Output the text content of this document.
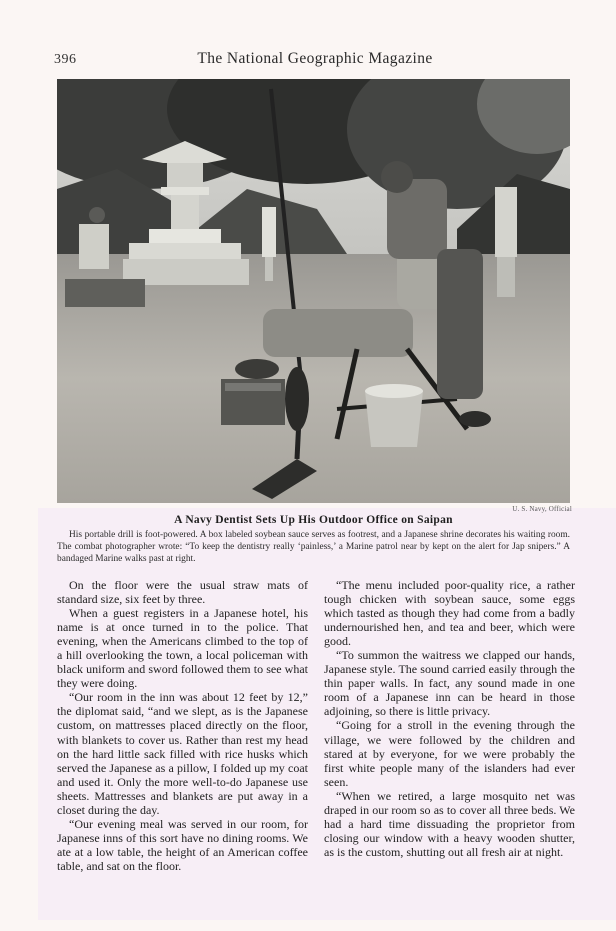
396	The National Geographic Magazine
U. S. Navy, Official
A Navy Dentist Sets Up His Outdoor Office on Saipan
His portable drill is foot-powered. A box labeled soybean sauce serves as footrest, and a Japanese shrine decorates his waiting room. The combat photographer wrote: “To keep the dentistry really ‘painless,’ a Marine patrol near by kept on the alert for Jap snipers.” A bandaged Marine walks past at right.

On the floor were the usual straw mats of standard size, six feet by three.

When a guest registers in a Japanese hotel, his name is at once turned in to the police. That evening, when the Americans climbed to the top of a hill overlooking the town, a local policeman with black uniform and sword followed them to see what they were doing.

“Our room in the inn was about 12 feet by 12,” the diplomat said, “and we slept, as is the Japanese custom, on mattresses placed directly on the floor, with blankets to cover us. Rather than rest my head on the hard little sack filled with rice husks which served the Japanese as a pillow, I folded up my coat and used it. Only the more well-to-do Japanese use sheets. Mattresses and blankets are put away in a closet during the day.

“Our evening meal was served in our room, for Japanese inns of this sort have no dining rooms. We ate at a low table, the height of an American coffee table, and sat on the floor.

“The menu included poor-quality rice, a rather tough chicken with soybean sauce, some eggs which tasted as though they had come from a badly undernourished hen, and tea and beer, which were good.

“To summon the waitress we clapped our hands, Japanese style. The sound carried easily through the thin paper walls. In fact, any sound made in one room of a Japanese inn can be heard in those adjoining, so there is little privacy.

“Going for a stroll in the evening through the village, we were followed by the children and stared at by everyone, for we were probably the first white people many of the islanders had ever seen.

“When we retired, a large mosquito net was draped in our room so as to cover all three beds. We had a hard time dissuading the proprietor from closing our window with a heavy wooden shutter, as is the custom, shutting out all fresh air at night.
